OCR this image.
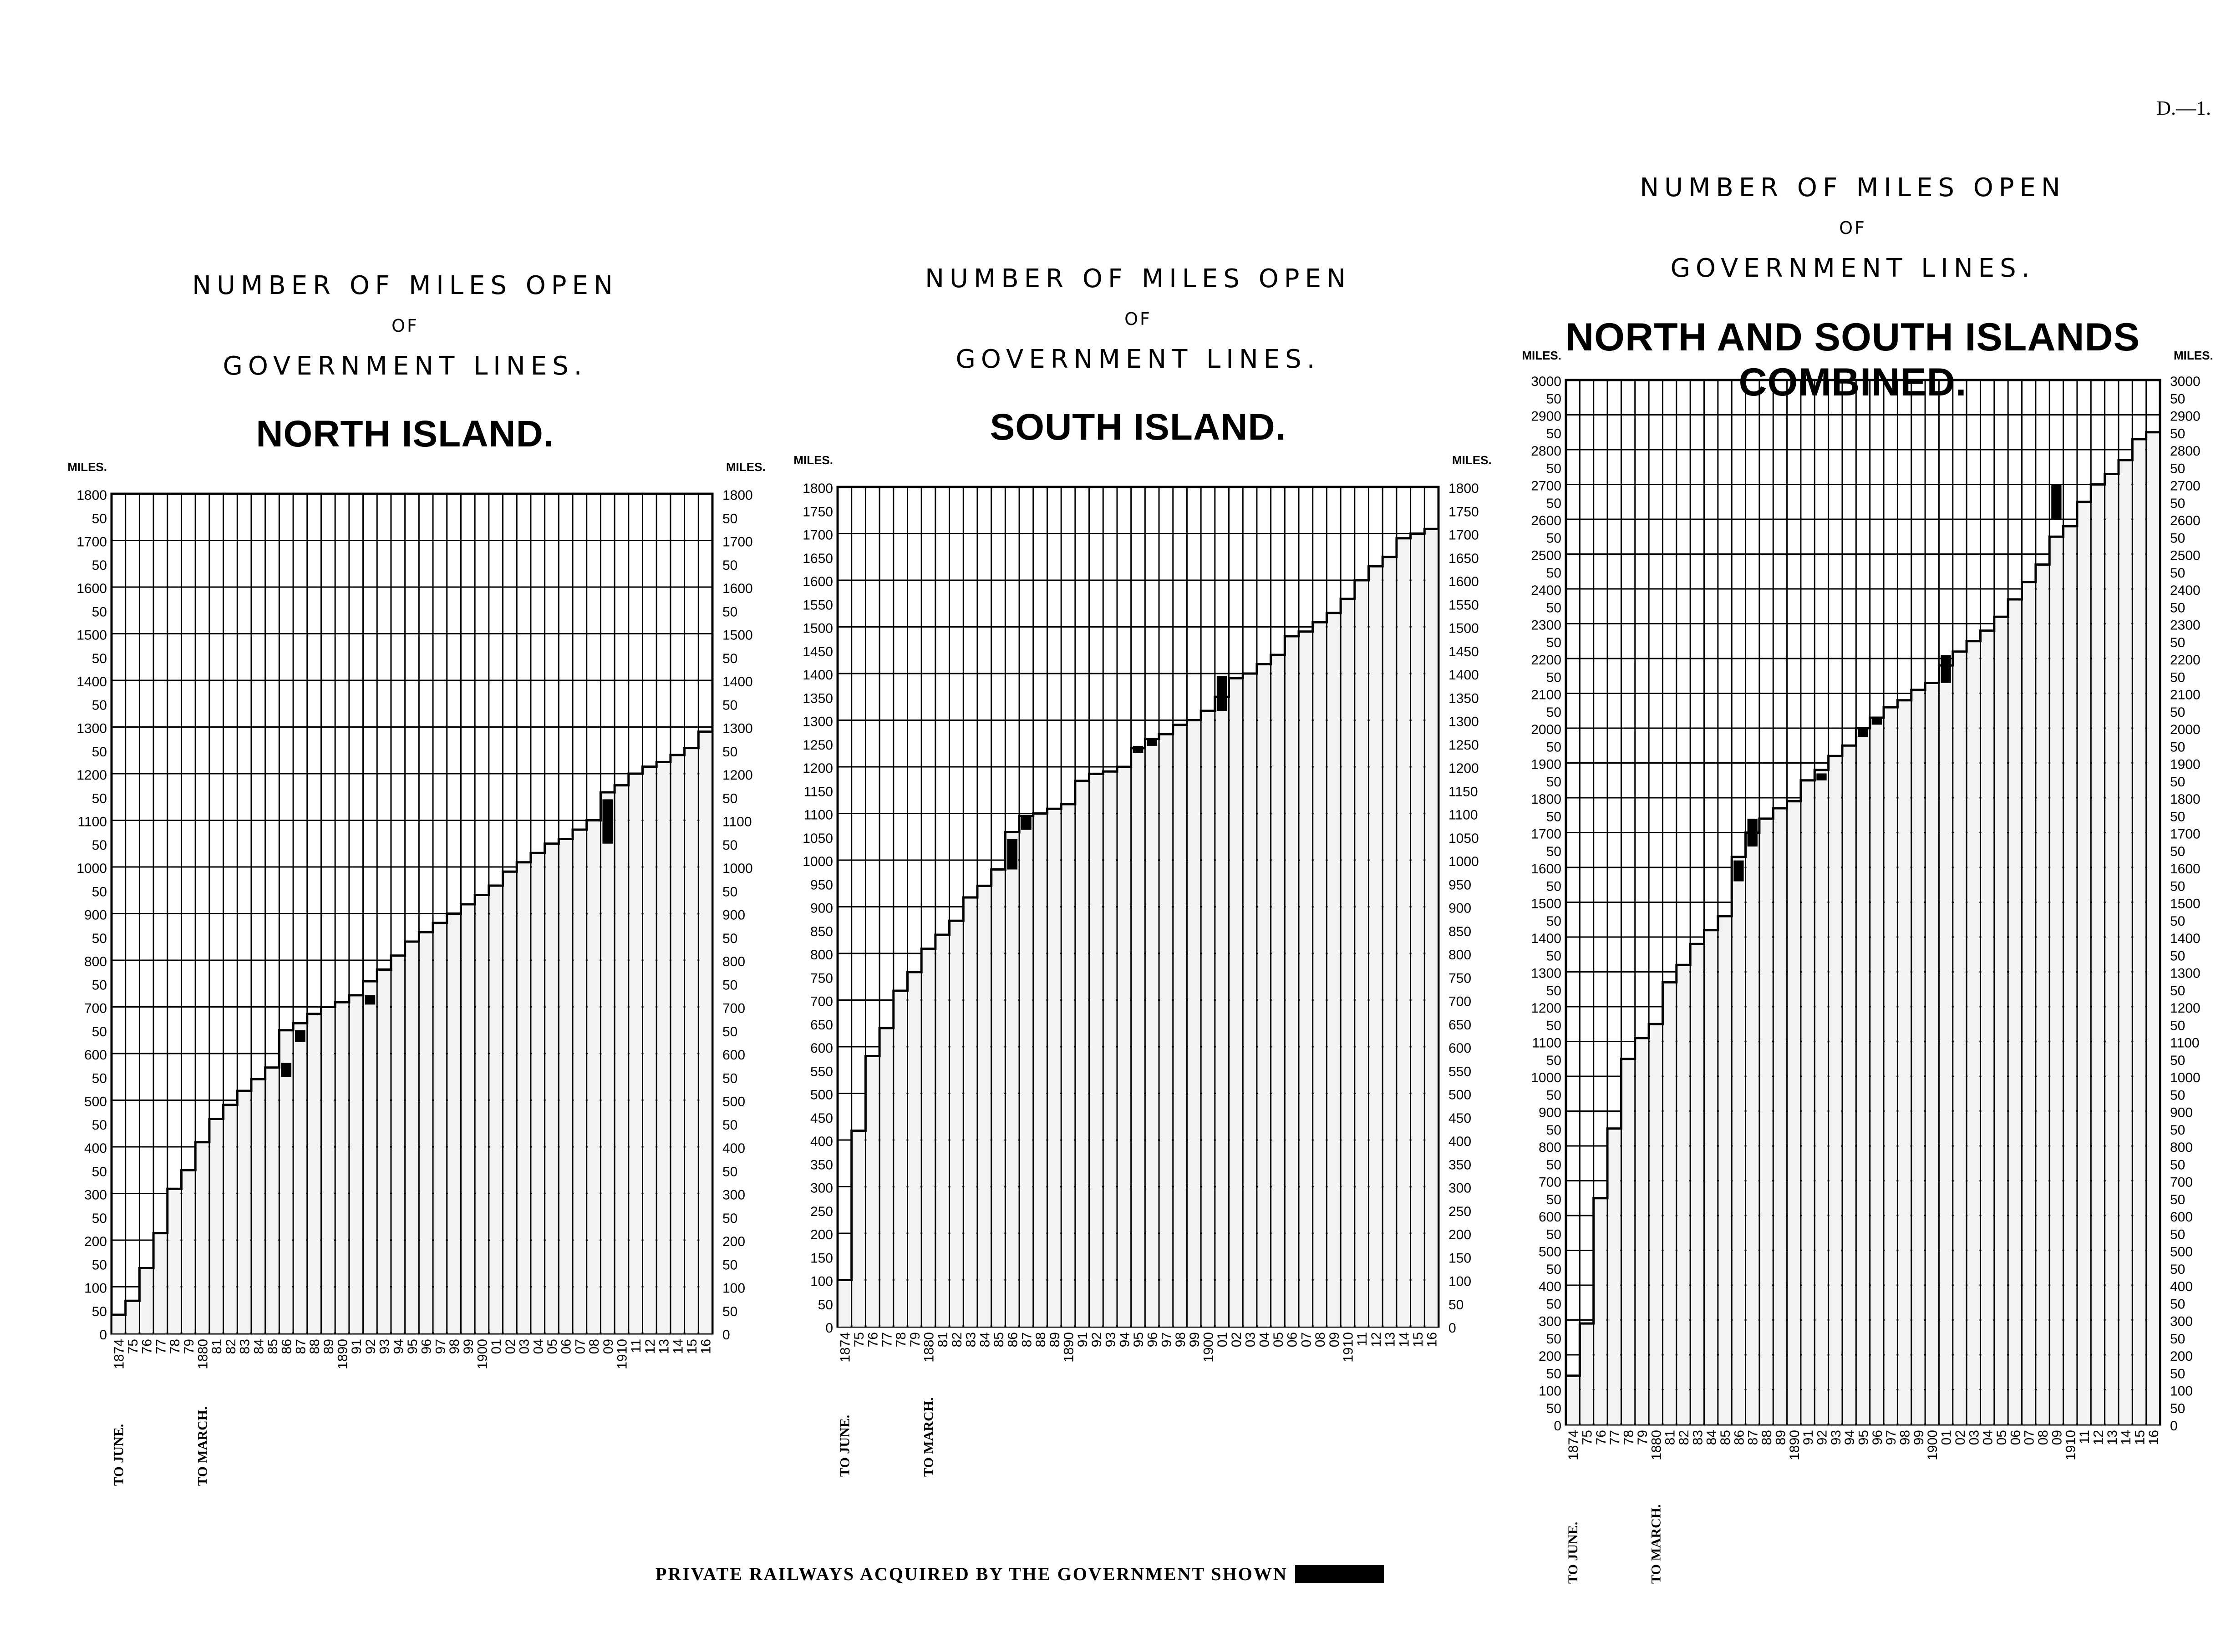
D.—1.
NUMBER OF MILES OPEN
OF
GOVERNMENT LINES.
NORTH ISLAND.
NUMBER OF MILES OPEN
OF
GOVERNMENT LINES.
SOUTH ISLAND.
NUMBER OF MILES OPEN
OF
GOVERNMENT LINES.
NORTH AND SOUTH ISLANDS COMBINED.
0	0
50	50
100	100
50	50
200	200
50	50
300	300
50	50
400	400
50	50
500	500
50	50
600	600
50	50
700	700
50	50
800	800
50	50
900	900
50	50
1000	1000
50	50
1100	1100
50	50
1200	1200
50	50
1300	1300
50	50
1400	1400
50	50
1500	1500
50	50
1600	1600
50	50
1700	1700
50	50
1800	1800
MILES.	MILES.
1874
75
76
77
78
79
1880
81
82
83
84
85
86
87
88
89
1890
91
92
93
94
95
96
97
98
99
1900
01
02
03
04
05
06
07
08
09
1910
11
12
13
14
15
16
TO JUNE.	TO MARCH.
0	0
50	50
100	100
150	150
200	200
250	250
300	300
350	350
400	400
450	450
500	500
550	550
600	600
650	650
700	700
750	750
800	800
850	850
900	900
950	950
1000	1000
1050	1050
1100	1100
1150	1150
1200	1200
1250	1250
1300	1300
1350	1350
1400	1400
1450	1450
1500	1500
1550	1550
1600	1600
1650	1650
1700	1700
1750	1750
1800	1800
MILES.	MILES.
1874
75
76
77
78
79
1880
81
82
83
84
85
86
87
88
89
1890
91
92
93
94
95
96
97
98
99
1900
01
02
03
04
05
06
07
08
09
1910
11
12
13
14
15
16
TO JUNE.	TO MARCH.	0	0
50	50
100	100
50	50
200	200
50	50
300	300
50	50
400	400
50	50
500	500
50	50
600	600
50	50
700	700
50	50
800	800
50	50
900	900
50	50
1000	1000
50	50
1100	1100
50	50
1200	1200
50	50
1300	1300
50	50
1400	1400
50	50
1500	1500
50	50
1600	1600
50	50
1700	1700
50	50
1800	1800
50	50
1900	1900
50	50
2000	2000
50	50
2100	2100
50	50
2200	2200
50	50
2300	2300
50	50
2400	2400
50	50
2500	2500
50	50
2600	2600
50	50
2700	2700
50	50
2800	2800
50	50
2900	2900
50	50
3000	3000
MILES.	MILES.
1874
75
76
77
78
79
1880
81
82
83
84
85
86
87
88
89
1890
91
92
93
94
95
96
97
98
99
1900
01
02
03
04
05
06
07
08
09
1910
11
12
13
14
15
16
TO JUNE.	TO MARCH.
PRIVATE RAILWAYS ACQUIRED BY THE GOVERNMENT SHOWN
